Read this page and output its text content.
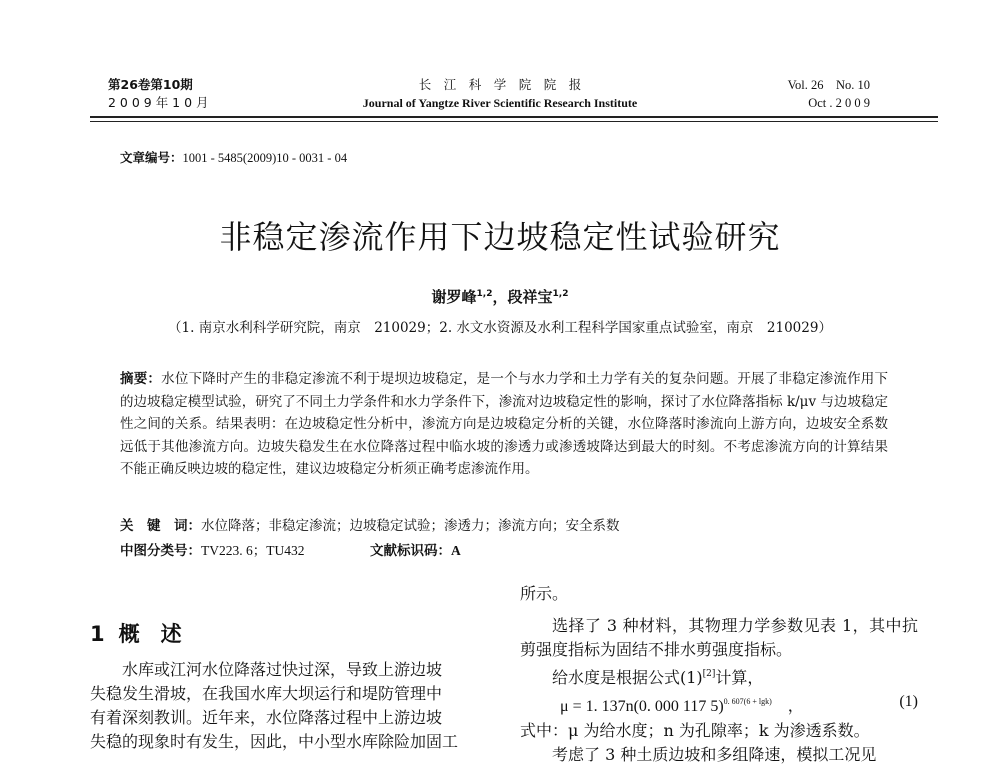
第26卷第10期
2 0 0 9 年 1 0 月
长　江　科　学　院　院　报
Journal of Yangtze River Scientific Research Institute
Vol. 26　No. 10
Oct . 2 0 0 9
文章编号：1001 - 5485(2009)10 - 0031 - 04
非稳定渗流作用下边坡稳定性试验研究
谢罗峰$^{1,2}$，段祥宝$^{1,2}$
（1. 南京水利科学研究院，南京　210029；2. 水文水资源及水利工程科学国家重点试验室，南京　210029）
摘要：水位下降时产生的非稳定渗流不利于堤坝边坡稳定，是一个与水力学和土力学有关的复杂问题。开展了非稳定渗流作用下的边坡稳定模型试验，研究了不同土力学条件和水力学条件下，渗流对边坡稳定性的影响，探讨了水位降落指标 k/μv 与边坡稳定性之间的关系。结果表明：在边坡稳定性分析中，渗流方向是边坡稳定分析的关键，水位降落时渗流向上游方向，边坡安全系数远低于其他渗流方向。边坡失稳发生在水位降落过程中临水坡的渗透力或渗透坡降达到最大的时刻。不考虑渗流方向的计算结果不能正确反映边坡的稳定性，建议边坡稳定分析须正确考虑渗流作用。
关　键　词：水位降落；非稳定渗流；边坡稳定试验；渗透力；渗流方向；安全系数
中图分类号：TV223. 6；TU432	文献标识码：A
1 概　述
水库或江河水位降落过快过深，导致上游边坡
失稳发生滑坡，在我国水库大坝运行和堤防管理中
有着深刻教训。近年来，水位降落过程中上游边坡
失稳的现象时有发生，因此，中小型水库除险加固工
所示。
选择了 3 种材料，其物理力学参数见表 1，其中抗剪强度指标为固结不排水剪强度指标。
给水度是根据公式(1)[2]计算，
μ = 1. 137n(0. 000 117 5)$^{0. 607(6 + lgk)}$　 ，	(1)
式中：μ 为给水度；n 为孔隙率；k 为渗透系数。
考虑了 3 种土质边坡和多组降速，模拟工况见
